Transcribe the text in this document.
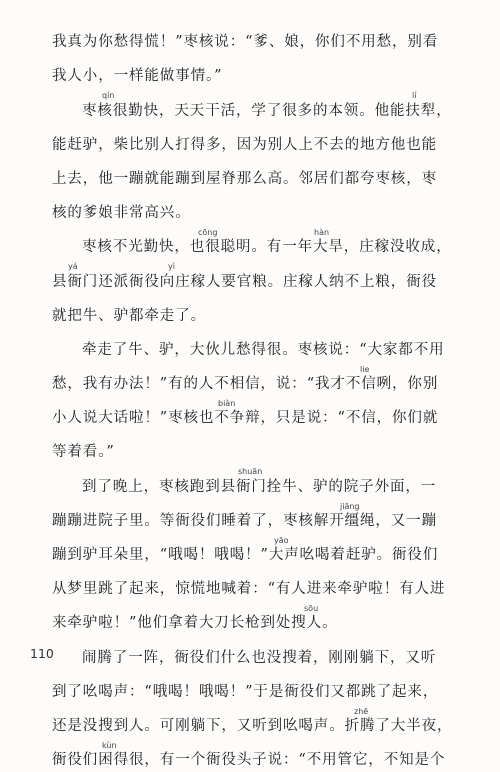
我真为你愁得慌！”枣核说：“爹、娘，你们不用愁，别看
我人小，一样能做事情。”
qín	lí
枣核很勤快，天天干活，学了很多的本领。他能扶犁，
能赶驴，柴比别人打得多，因为别人上不去的地方他也能
上去，他一蹦就能蹦到屋脊那么高。邻居们都夸枣核，枣
核的爹娘非常高兴。
cōng	hàn
枣核不光勤快，也很聪明。有一年大旱，庄稼没收成，
yá	yì
县衙门还派衙役向庄稼人要官粮。庄稼人纳不上粮，衙役
就把牛、驴都牵走了。
牵走了牛、驴，大伙儿愁得很。枣核说：“大家都不用
lie
愁，我有办法！”有的人不相信，说：“我才不信咧，你别
biàn
小人说大话啦！”枣核也不争辩，只是说：“不信，你们就
等着看。”
shuān
到了晚上，枣核跑到县衙门拴牛、驴的院子外面，一
jiāng
蹦蹦进院子里。等衙役们睡着了，枣核解开缰绳，又一蹦
yāo
蹦到驴耳朵里，“哦喝！哦喝！”大声吆喝着赶驴。衙役们
从梦里跳了起来，惊慌地喊着：“有人进来牵驴啦！有人进
sōu
来牵驴啦！”他们拿着大刀长枪到处搜人。
闹腾了一阵，衙役们什么也没搜着，刚刚躺下，又听
到了吆喝声：“哦喝！哦喝！”于是衙役们又都跳了起来，
zhē
还是没搜到人。可刚躺下，又听到吆喝声。折腾了大半夜，
kùn
衙役们困得很，有一个衙役头子说：“不用管它，不知是个
110
